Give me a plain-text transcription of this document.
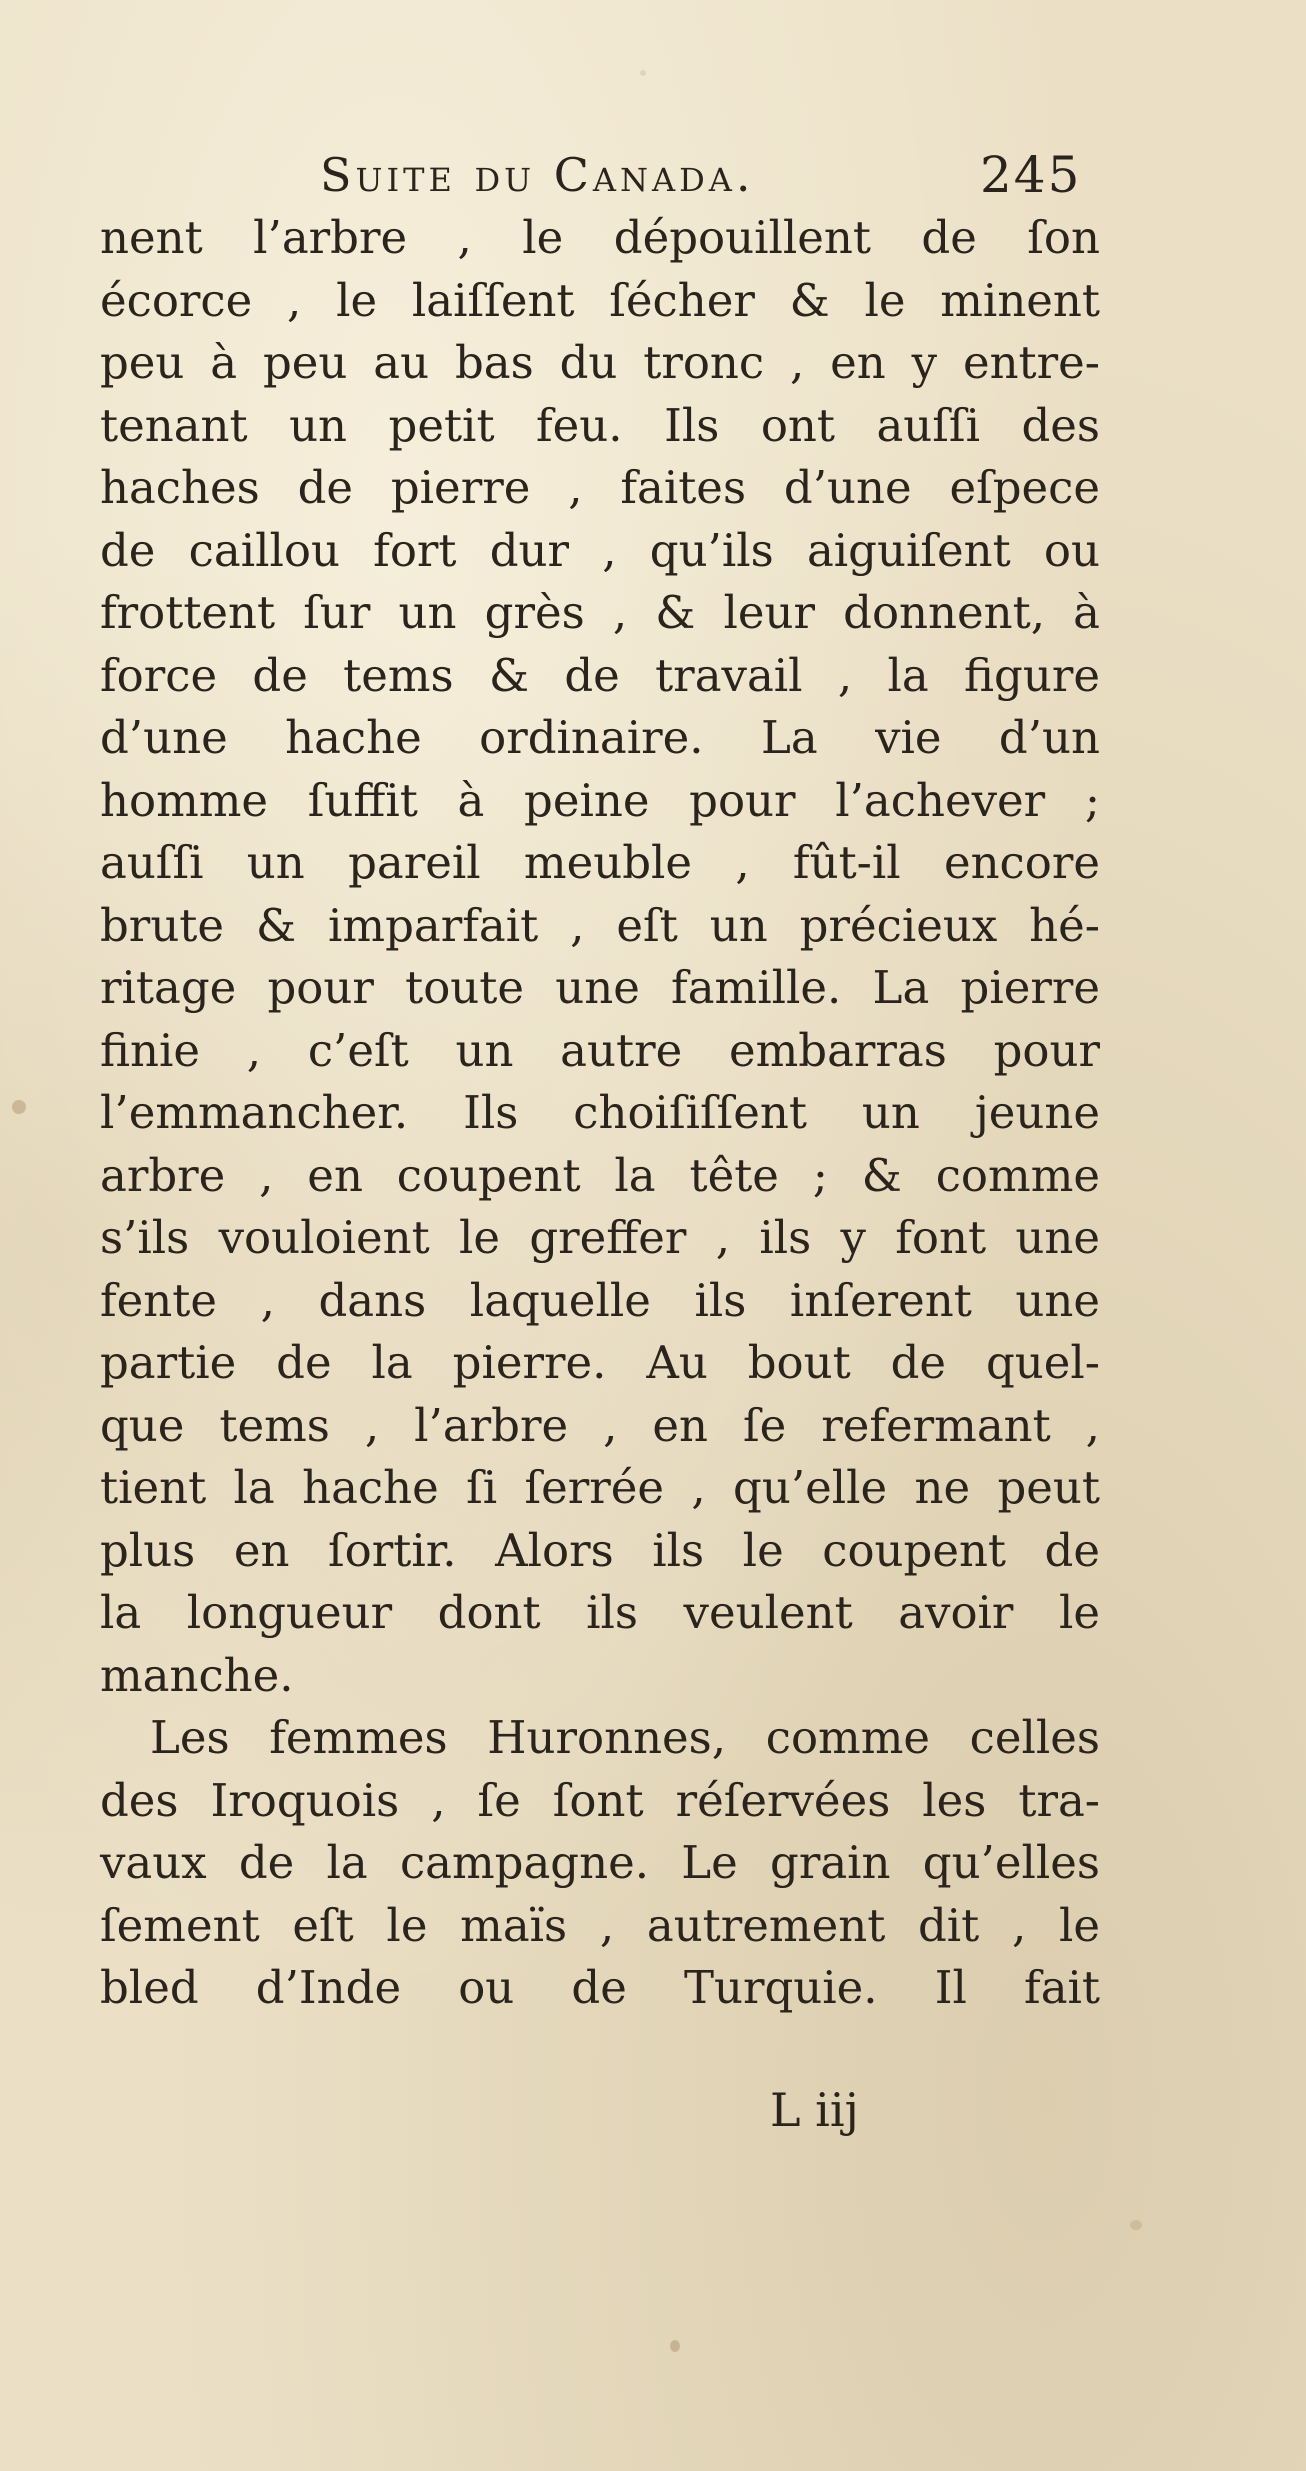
Suite du Canada.	245
nent l’arbre , le dépouillent de ſon
écorce , le laiſſent ſécher & le minent
peu à peu au bas du tronc , en y entre-
tenant un petit feu. Ils ont auſſi des
haches de pierre , faites d’une eſpece
de caillou fort dur , qu’ils aiguiſent ou
frottent ſur un grès , & leur donnent, à
force de tems & de travail , la figure
d’une hache ordinaire. La vie d’un
homme ſuffit à peine pour l’achever ;
auſſi un pareil meuble , fût-il encore
brute & imparfait , eſt un précieux hé-
ritage pour toute une famille. La pierre
finie , c’eſt un autre embarras pour
l’emmancher. Ils choiſiſſent un jeune
arbre , en coupent la tête ; & comme
s’ils vouloient le greffer , ils y font une
fente , dans laquelle ils inſerent une
partie de la pierre. Au bout de quel-
que tems , l’arbre , en ſe refermant ,
tient la hache ſi ſerrée , qu’elle ne peut
plus en ſortir. Alors ils le coupent de
la longueur dont ils veulent avoir le
manche.
Les femmes Huronnes, comme celles
des Iroquois , ſe ſont réſervées les tra-
vaux de la campagne. Le grain qu’elles
ſement eſt le maïs , autrement dit , le
bled d’Inde ou de Turquie. Il fait
L iij
